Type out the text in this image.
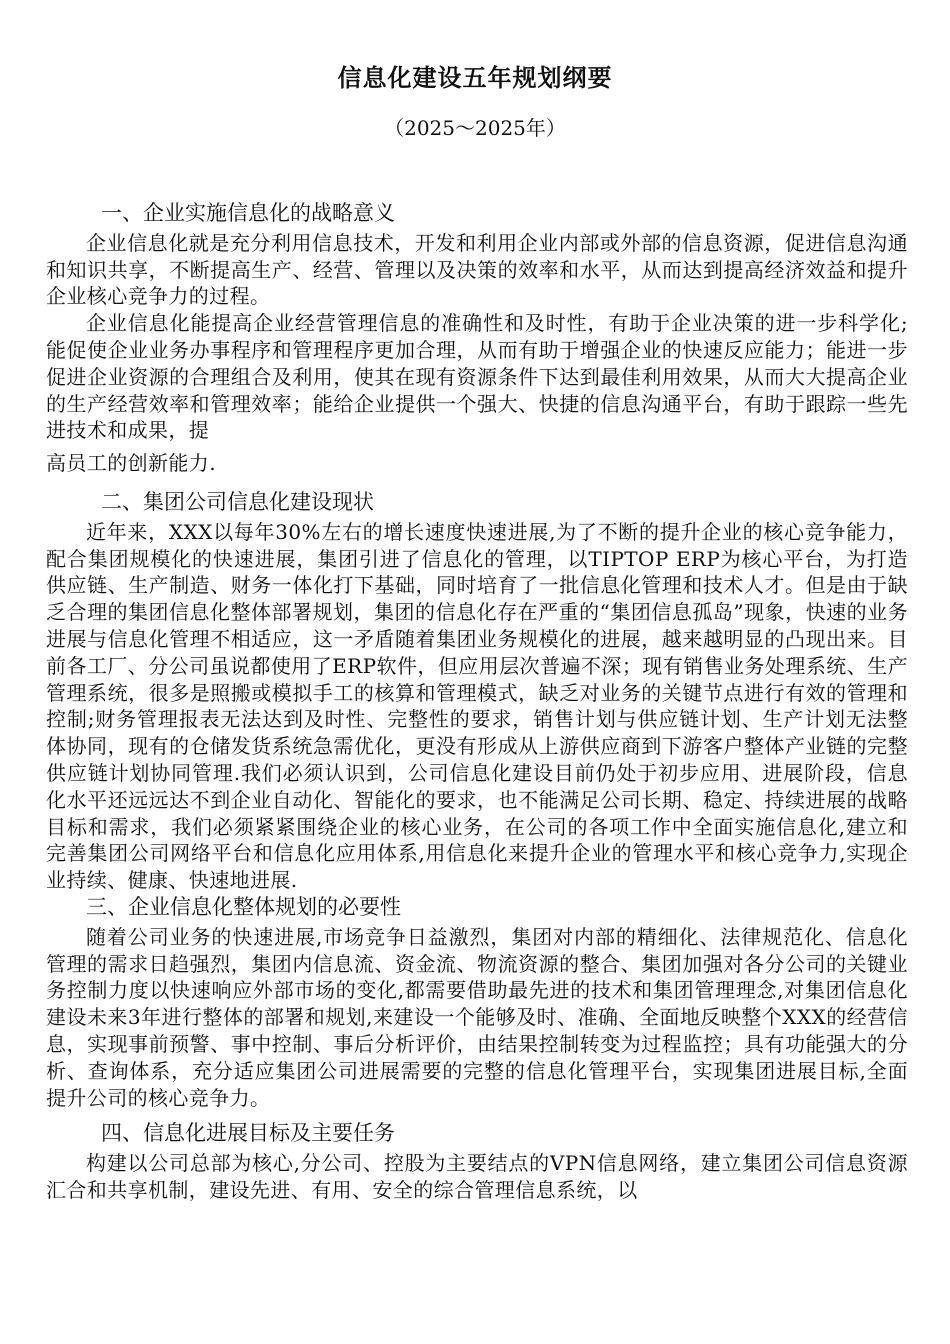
信息化建设五年规划纲要

（2025～2025年）

一、企业实施信息化的战略意义

企业信息化就是充分利用信息技术，开发和利用企业内部或外部的信息资源，促进信息沟通和知识共享，不断提高生产、经营、管理以及决策的效率和水平，从而达到提高经济效益和提升企业核心竞争力的过程。

企业信息化能提高企业经营管理信息的准确性和及时性，有助于企业决策的进一步科学化;能促使企业业务办事程序和管理程序更加合理，从而有助于增强企业的快速反应能力；能进一步促进企业资源的合理组合及利用，使其在现有资源条件下达到最佳利用效果，从而大大提高企业的生产经营效率和管理效率；能给企业提供一个强大、快捷的信息沟通平台，有助于跟踪一些先进技术和成果，提

高员工的创新能力.

二、集团公司信息化建设现状

近年来，XXX以每年30%左右的增长速度快速进展,为了不断的提升企业的核心竞争能力，配合集团规模化的快速进展，集团引进了信息化的管理，以TIPTOP ERP为核心平台，为打造供应链、生产制造、财务一体化打下基础，同时培育了一批信息化管理和技术人才。但是由于缺乏合理的集团信息化整体部署规划，集团的信息化存在严重的“集团信息孤岛”现象，快速的业务进展与信息化管理不相适应，这一矛盾随着集团业务规模化的进展，越来越明显的凸现出来。目前各工厂、分公司虽说都使用了ERP软件，但应用层次普遍不深；现有销售业务处理系统、生产管理系统，很多是照搬或模拟手工的核算和管理模式，缺乏对业务的关键节点进行有效的管理和控制;财务管理报表无法达到及时性、完整性的要求，销售计划与供应链计划、生产计划无法整体协同，现有的仓储发货系统急需优化，更没有形成从上游供应商到下游客户整体产业链的完整供应链计划协同管理.我们必须认识到，公司信息化建设目前仍处于初步应用、进展阶段，信息化水平还远远达不到企业自动化、智能化的要求，也不能满足公司长期、稳定、持续进展的战略目标和需求，我们必须紧紧围绕企业的核心业务，在公司的各项工作中全面实施信息化,建立和完善集团公司网络平台和信息化应用体系,用信息化来提升企业的管理水平和核心竞争力,实现企业持续、健康、快速地进展.

三、企业信息化整体规划的必要性

随着公司业务的快速进展,市场竞争日益激烈，集团对内部的精细化、法律规范化、信息化管理的需求日趋强烈，集团内信息流、资金流、物流资源的整合、集团加强对各分公司的关键业务控制力度以快速响应外部市场的变化,都需要借助最先进的技术和集团管理理念,对集团信息化建设未来3年进行整体的部署和规划,来建设一个能够及时、准确、全面地反映整个XXX的经营信息，实现事前预警、事中控制、事后分析评价，由结果控制转变为过程监控；具有功能强大的分析、查询体系，充分适应集团公司进展需要的完整的信息化管理平台，实现集团进展目标,全面提升公司的核心竞争力。

四、信息化进展目标及主要任务

构建以公司总部为核心,分公司、控股为主要结点的VPN信息网络，建立集团公司信息资源汇合和共享机制，建设先进、有用、安全的综合管理信息系统，以
